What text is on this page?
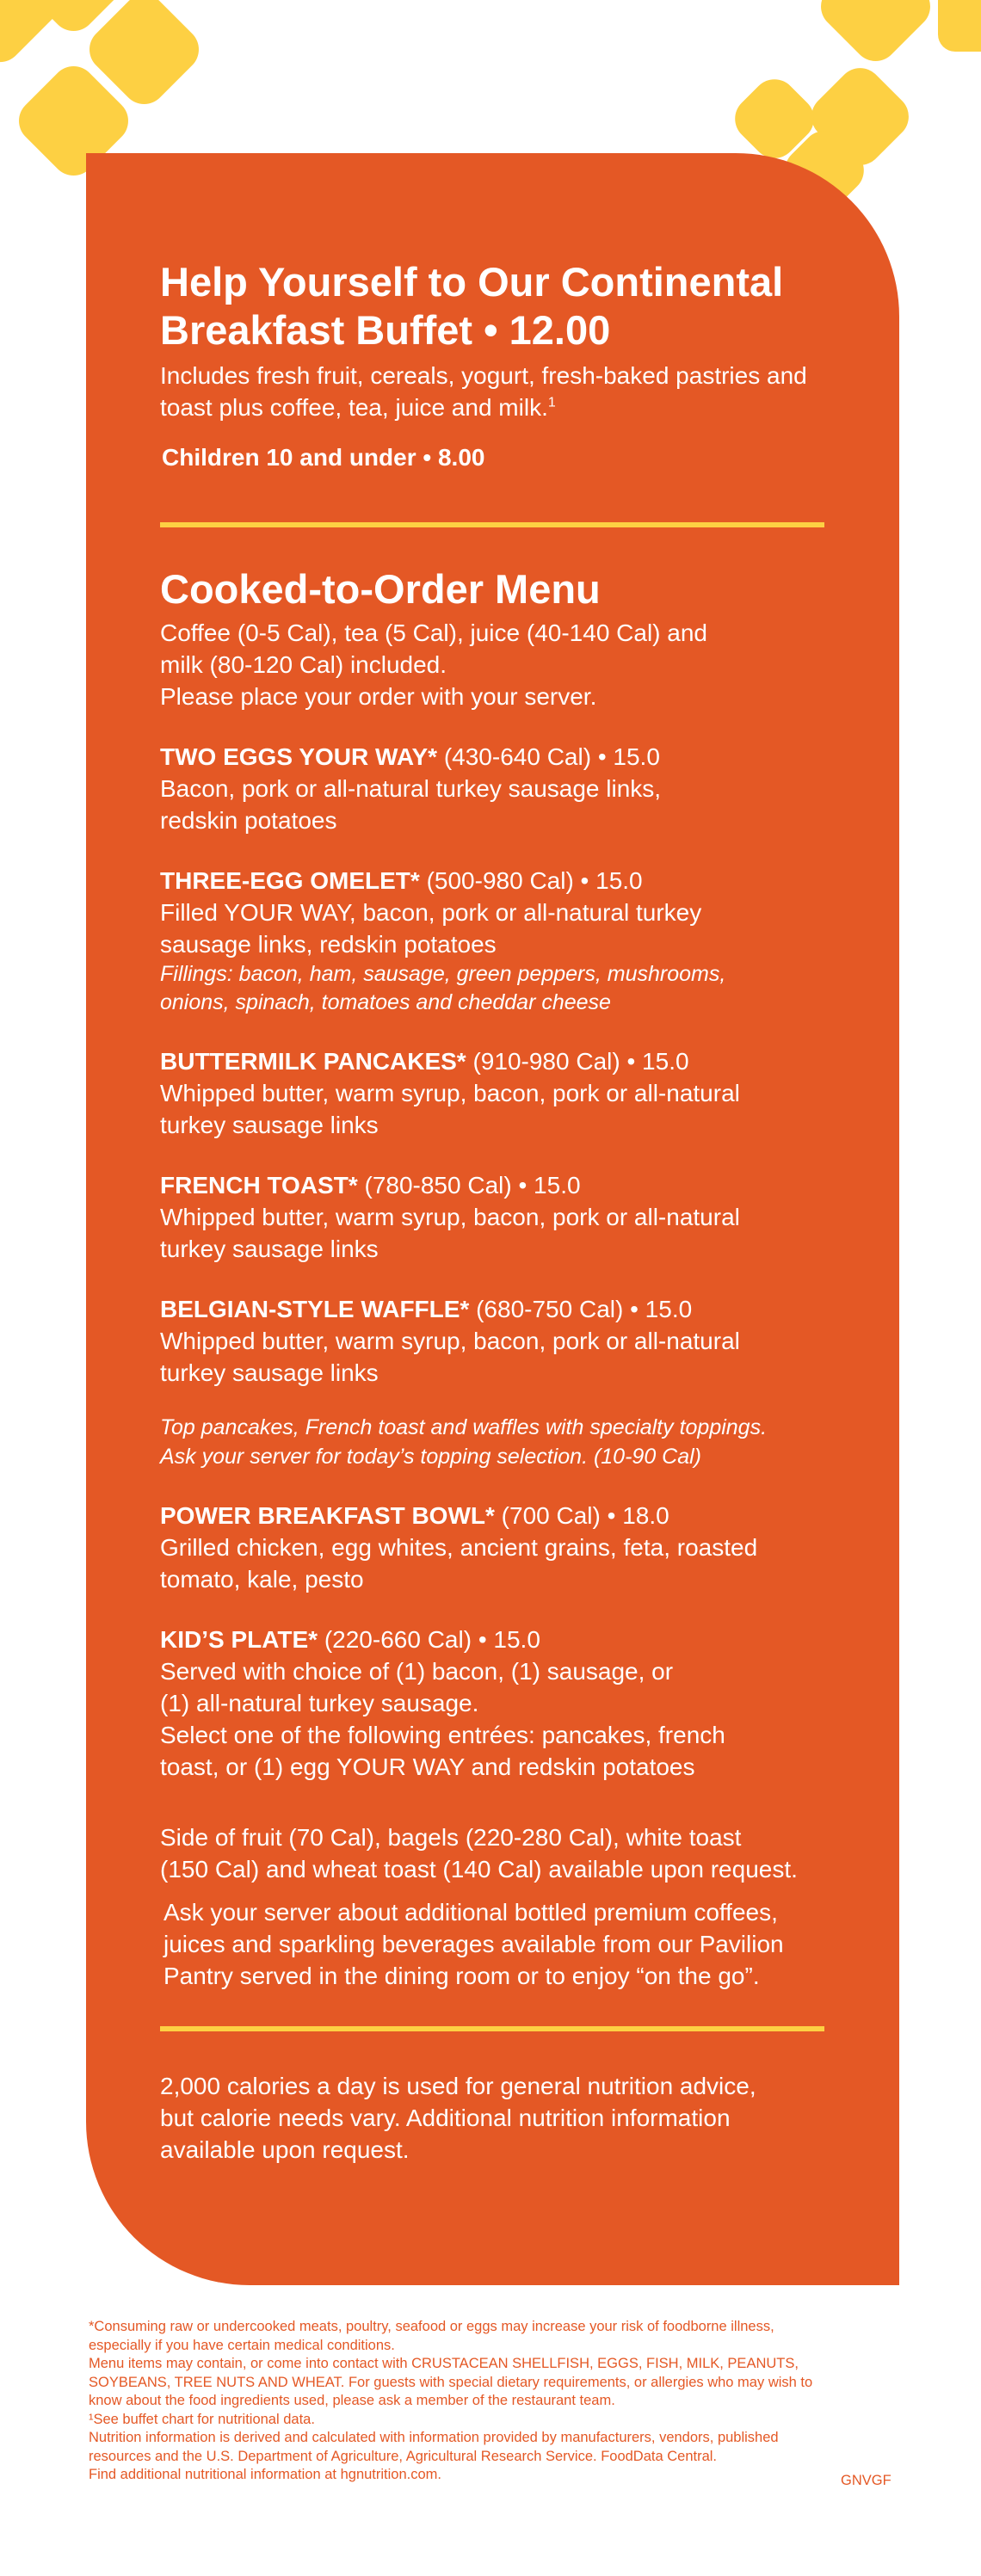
Help Yourself to Our Continental
Breakfast Buffet • 12.00
Includes fresh fruit, cereals, yogurt, fresh-baked pastries and
toast plus coffee, tea, juice and milk.$^1$
Children 10 and under • 8.00
Cooked-to-Order Menu
Coffee (0-5 Cal), tea (5 Cal), juice (40-140 Cal) and
milk (80-120 Cal) included.
Please place your order with your server.
TWO EGGS YOUR WAY* (430-640 Cal) • 15.0
Bacon, pork or all-natural turkey sausage links,
redskin potatoes
THREE-EGG OMELET* (500-980 Cal) • 15.0
Filled YOUR WAY, bacon, pork or all-natural turkey
sausage links, redskin potatoes
Fillings: bacon, ham, sausage, green peppers, mushrooms,
onions, spinach, tomatoes and cheddar cheese
BUTTERMILK PANCAKES* (910-980 Cal) • 15.0
Whipped butter, warm syrup, bacon, pork or all-natural
turkey sausage links
FRENCH TOAST* (780-850 Cal) • 15.0
Whipped butter, warm syrup, bacon, pork or all-natural
turkey sausage links
BELGIAN-STYLE WAFFLE* (680-750 Cal) • 15.0
Whipped butter, warm syrup, bacon, pork or all-natural
turkey sausage links
Top pancakes, French toast and waffles with specialty toppings.
Ask your server for today’s topping selection. (10-90 Cal)
POWER BREAKFAST BOWL* (700 Cal) • 18.0
Grilled chicken, egg whites, ancient grains, feta, roasted
tomato, kale, pesto
KID’S PLATE* (220-660 Cal) • 15.0
Served with choice of (1) bacon, (1) sausage, or
(1) all-natural turkey sausage.
Select one of the following entrées: pancakes, french
toast, or (1) egg YOUR WAY and redskin potatoes
Side of fruit (70 Cal), bagels (220-280 Cal), white toast
(150 Cal) and wheat toast (140 Cal) available upon request.
Ask your server about additional bottled premium coffees,
juices and sparkling beverages available from our Pavilion
Pantry served in the dining room or to enjoy “on the go”.
2,000 calories a day is used for general nutrition advice,
but calorie needs vary. Additional nutrition information
available upon request.
*Consuming raw or undercooked meats, poultry, seafood or eggs may increase your risk of foodborne illness,
especially if you have certain medical conditions.
Menu items may contain, or come into contact with CRUSTACEAN SHELLFISH, EGGS, FISH, MILK, PEANUTS,
SOYBEANS, TREE NUTS AND WHEAT. For guests with special dietary requirements, or allergies who may wish to
know about the food ingredients used, please ask a member of the restaurant team.
¹See buffet chart for nutritional data.
Nutrition information is derived and calculated with information provided by manufacturers, vendors, published
resources and the U.S. Department of Agriculture, Agricultural Research Service. FoodData Central.
Find additional nutritional information at hgnutrition.com.	GNVGF
